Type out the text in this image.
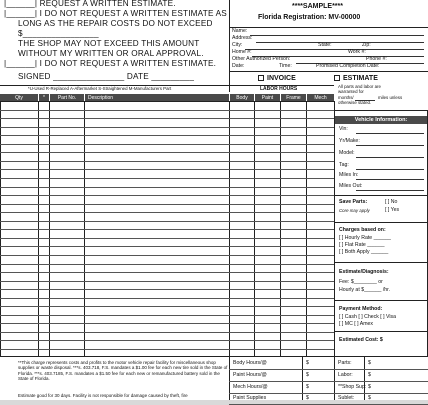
|______| REQUEST A WRITTEN ESTIMATE.
|______| I DO NOT REQUEST A WRITTEN ESTIMATE AS
LONG AS THE REPAIR COSTS DO NOT EXCEED
$________________
THE SHOP MAY NOT EXCEED THIS AMOUNT
WITHOUT MY WRITTEN OR ORAL APPROVAL.
|______| I DO NOT REQUEST A WRITTEN ESTIMATE.
SIGNED _______________ DATE _________
****SAMPLE****
Florida Registration: MV-00000
Name:
Address:
City:	State:	Zip:
Home #:	Work #:
Other Authorized Person:	Phone #:
Date:	Time:	Promised Completion Date:
INVOICE	ESTIMATE
*U-Used R-Replaced A-Aftermarket S-Straightened M-Manufacturers Part	LABOR HOURS	All parts and labor are
warranted for
months/	miles unless
otherwise stated.
Qty	*	Part No.	Description	Body	Paint	Frame	Mech
Vehicle Information:
Vin:
Yr/Make:
Model:
Tag:
Miles In:
Miles Out:
Save Parts:	[ ] No
Core may apply	[ ] Yes
Charges based on:
[ ] Hourly Rate ______
[ ] Flat Rate ______
[ ] Both Apply ______
Estimate/Diagnosis:
Fee: $________ or
Hourly at $______ /hr.
Payment Method:
[ ] Cash [ ] Check [ ] Visa
[ ] MC [ ] Amex
Estimated Cost: $
**This charge represents costs and profits to the motor vehicle repair facility for miscellaneous shop supplies or waste disposal. ***s. 403.718, F.S. mandates a $1.00 fee for each new tire sold in the State of Florida. ***s. 403.7185, F.S. mandates a $1.50 fee for each new or remanufactured battery sold in the State of Florida.
Estimate good for 30 days. Facility is not responsible for damage caused by theft, fire
Body Hours/@	$	Parts:	$
Paint Hours/@	$	Labor:	$
Mech Hours/@	$	**Shop Sup: $
Paint Supplies	$	Sublet:	$
